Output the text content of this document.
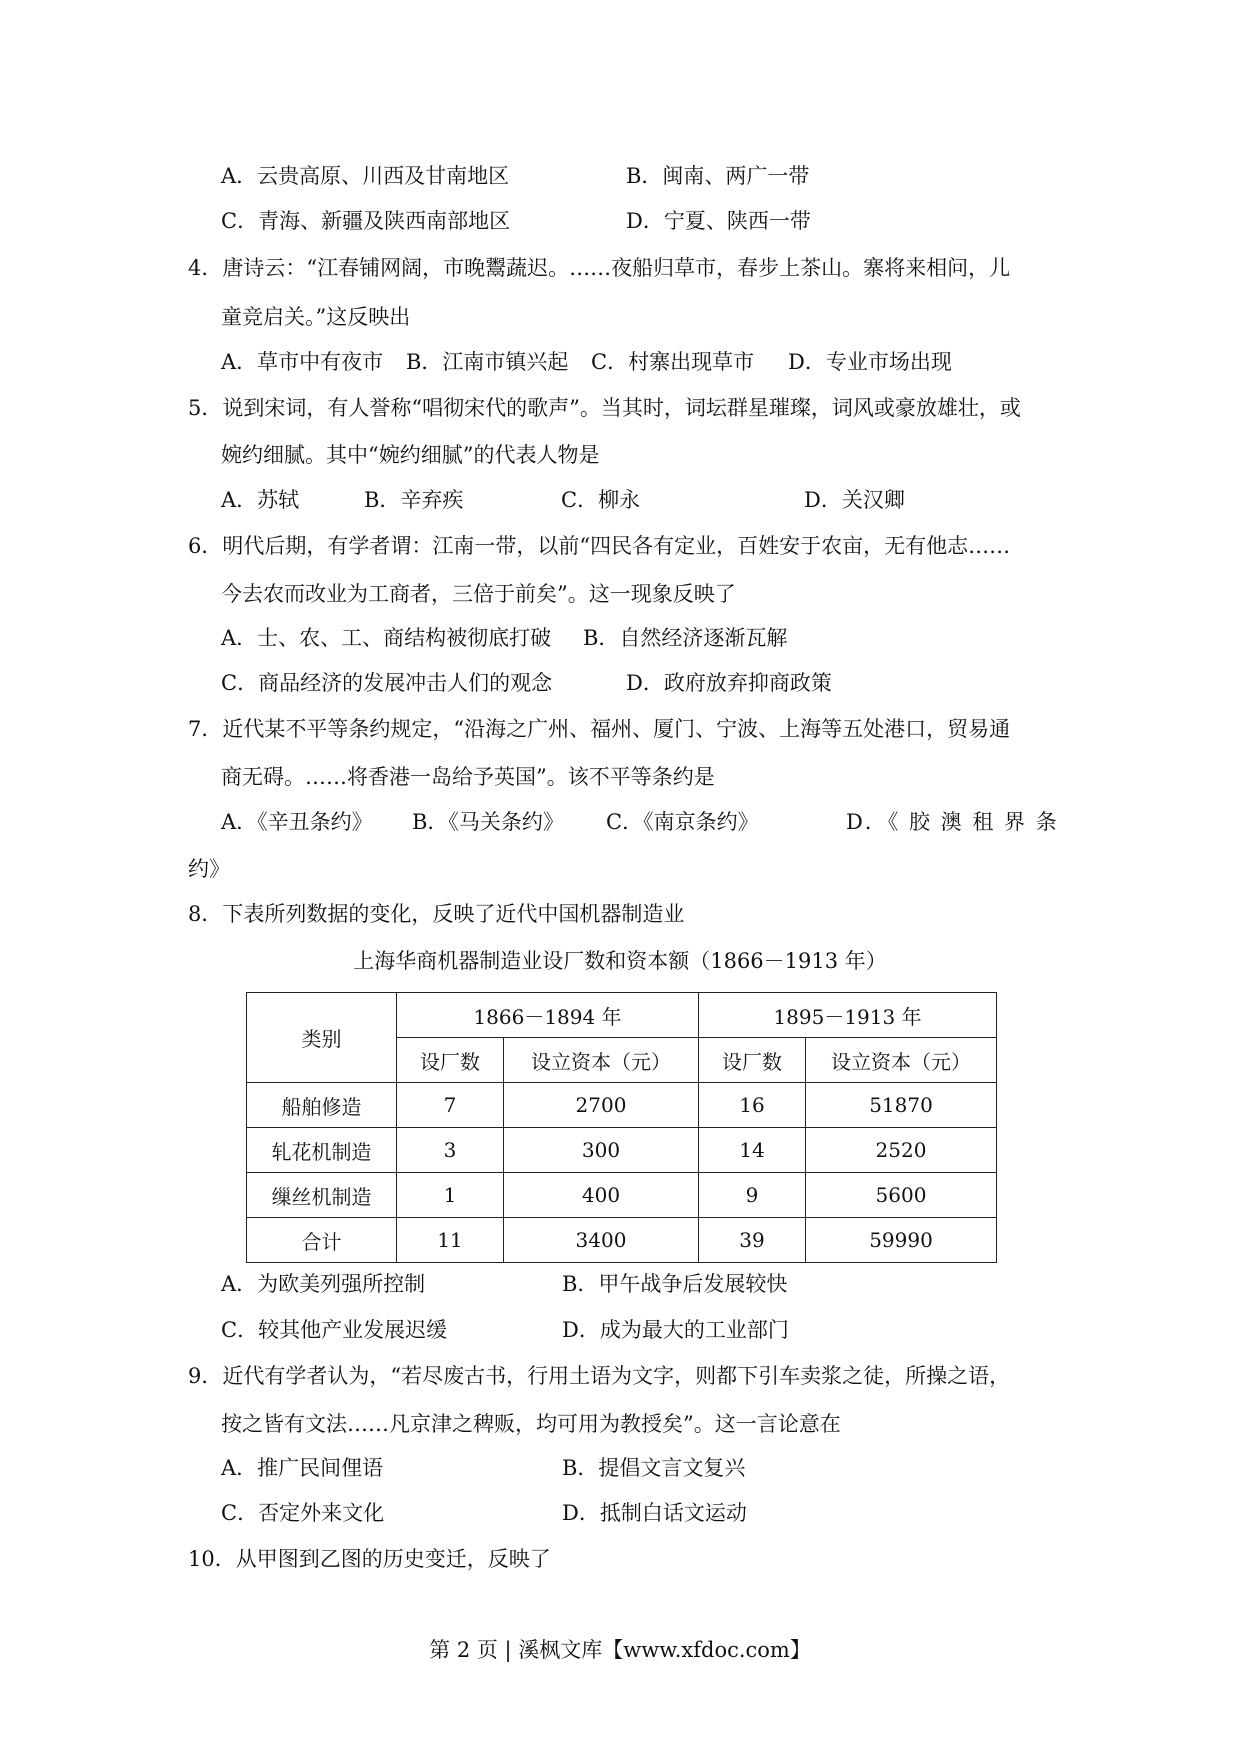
A．云贵高原、川西及甘南地区	B．闽南、两广一带
C．青海、新疆及陕西南部地区	D．宁夏、陕西一带
4．唐诗云：“江春铺网阔，市晚鬻蔬迟。……夜船归草市，春步上茶山。寨将来相问，儿
童竞启关。”这反映出
A．草市中有夜市 B．江南市镇兴起 C．村寨出现草市 D．专业市场出现
5．说到宋词，有人誉称“唱彻宋代的歌声”。当其时，词坛群星璀璨，词风或豪放雄壮，或
婉约细腻。其中“婉约细腻”的代表人物是
A．苏轼	B．辛弃疾	C．柳永	D．关汉卿
6．明代后期，有学者谓：江南一带，以前“四民各有定业，百姓安于农亩，无有他志……
今去农而改业为工商者，三倍于前矣”。这一现象反映了
A．士、农、工、商结构被彻底打破 B．自然经济逐渐瓦解
C．商品经济的发展冲击人们的观念	D．政府放弃抑商政策
7．近代某不平等条约规定，“沿海之广州、福州、厦门、宁波、上海等五处港口，贸易通
商无碍。……将香港一岛给予英国”。该不平等条约是
A．《辛丑条约》 B．《马关条约》 C．《南京条约》	D．《 胶 澳 租 界 条
约》
8．下表所列数据的变化，反映了近代中国机器制造业
上海华商机器制造业设厂数和资本额（1866－1913 年）
类别	1866－1894 年		1895－1913 年	
	设厂数	设立资本（元）	设厂数	设立资本（元）
船舶修造	7	2700	16	51870
轧花机制造	3	300	14	2520
缫丝机制造	1	400	9	5600
合计	11	3400	39	59990
A．为欧美列强所控制	B．甲午战争后发展较快
C．较其他产业发展迟缓	D．成为最大的工业部门
9．近代有学者认为，“若尽废古书，行用土语为文字，则都下引车卖浆之徒，所操之语，
按之皆有文法……凡京津之稗贩，均可用为教授矣”。这一言论意在
A．推广民间俚语	B．提倡文言文复兴
C．否定外来文化	D．抵制白话文运动
10．从甲图到乙图的历史变迁，反映了
第 2 页 | 溪枫文库【www.xfdoc.com】
